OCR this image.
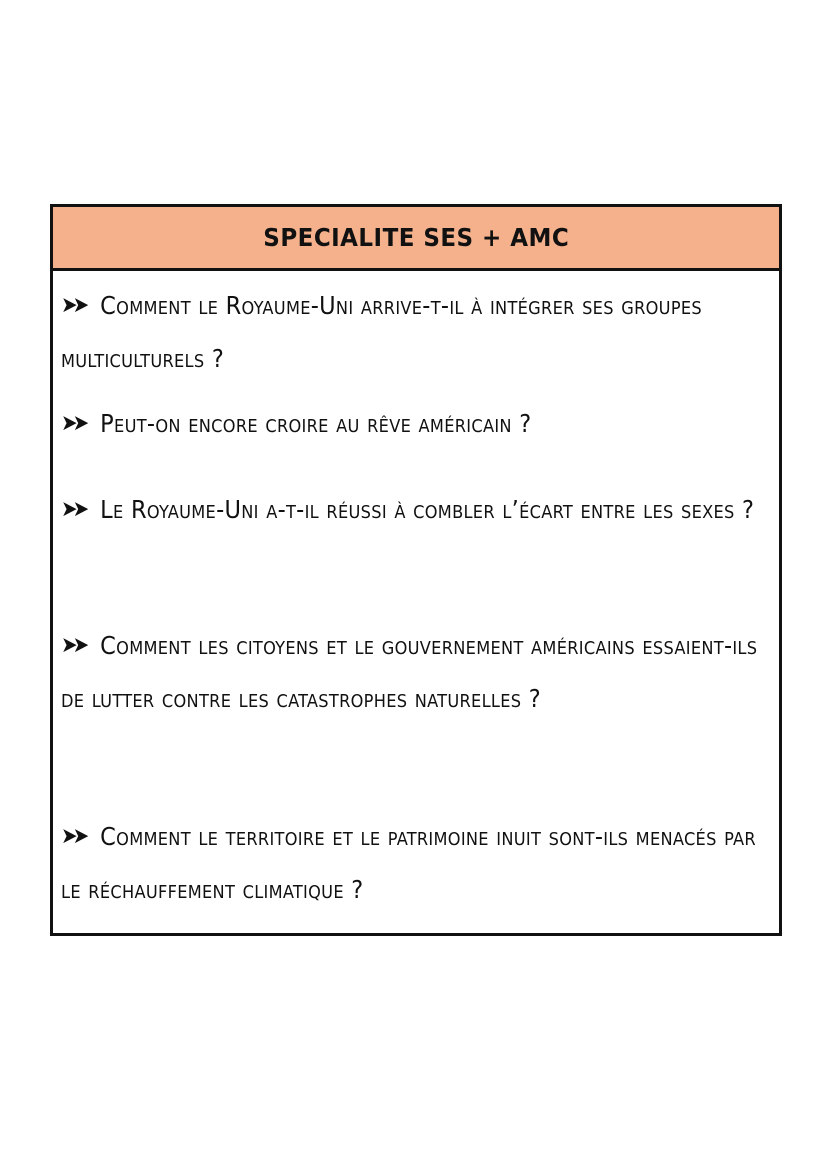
SPECIALITE SES + AMC
➤➤ Comment le Royaume-Uni arrive-t-il à intégrer ses groupes multiculturels ?
➤➤ Peut-on encore croire au rêve américain ?
➤➤ Le Royaume-Uni a-t-il réussi à combler l’écart entre les sexes ?
➤➤ Comment les citoyens et le gouvernement américains essaient-ils de lutter contre les catastrophes naturelles ?
➤➤ Comment le territoire et le patrimoine inuit sont-ils menacés par le réchauffement climatique ?
